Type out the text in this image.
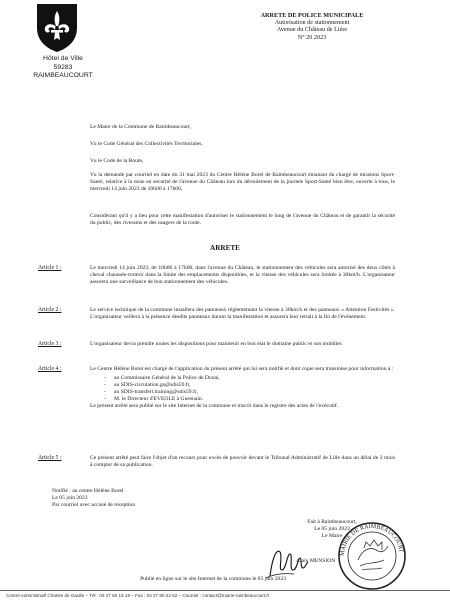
Hôtel de Ville
59283 RAIMBEAUCOURT
ARRETE DE POLICE MUNICIPALE
Autorisation de stationnement
Avenue du Château de Lière
N° 20 2023

Le Maire de la Commune de Raimbeaucourt,

Vu le Code Général des Collectivités Territoriales,

Vu le Code de la Route,

Vu la demande par courriel en date du 31 mai 2023 du Centre Hélène Borel de Raimbeaucourt émanant du chargé de missions Sport-Santé, relative à la mise en sécurité de l'avenue du Château lors du déroulement de la journée Sport-Santé bien être, ouverte à tous, le mercredi 14 juin 2023 de 10h00 à 17h00,

Considérant qu'il y a lieu pour cette manifestation d'autoriser le stationnement le long de l'avenue du Château et de garantir la sécurité du public, des riverains et des usagers de la route.

ARRETE
Article 1 :	Le mercredi 14 juin 2023, de 10h00 à 17h00, dans l'avenue du Château, le stationnement des véhicules sera autorisé des deux côtés à cheval chaussée-trottoir dans la limite des emplacements disponibles, et la vitesse des véhicules sera limitée à 30km/h. L'organisateur assurera une surveillance de bon stationnement des véhicules.

Article 2 :	Le service technique de la commune installera des panneaux réglementant la vitesse à 30km/h et des panneaux « Attention Festivités ». L'organisateur veillera à la présence desdits panneaux durant la manifestation et assurera leur retrait à la fin de l'événement.

Article 3 :	L'organisateur devra prendre toutes les dispositions pour maintenir en bon état le domaine public et son mobilier.

Article 4 :	Le Centre Hélène Borel est chargé de l'application du présent arrêté qui lui sera notifié et dont copie sera transmise pour information à :

- au Commissaire Général de la Police de Douai,
- au SDIS-circulation.gs@sdis59.fr,
- au SDIS-transfert.training@sdis59.fr,
- M. le Directeur d'EVEOLE à Guesnain.

Le présent arrêté sera publié sur le site Internet de la commune et inscrit dans le registre des actes de l'exécutif.

Article 5 :	Ce présent arrêté peut faire l'objet d'un recours pour excès de pouvoir devant le Tribunal Administratif de Lille dans un délai de 2 mois à compter de sa publication.

Notifié : au centre Hélène Borel
Le 05 juin 2023
Par courriel avec accusé de réception
Fait à Raimbeaucourt,
Le 05 juin 2023
Le Maire
Alain MENSION
MAIRIE DE RAIMBEAUCOURT
Publié en ligne sur le site Internet de la commune le 05 juin 2023
Centre Administratif Charles de Gaulle – Tél : 03 27 80 18 18 – Fax : 03 27 80 22 62 – Courriel : contact@mairie-raimbeaucourt.fr
